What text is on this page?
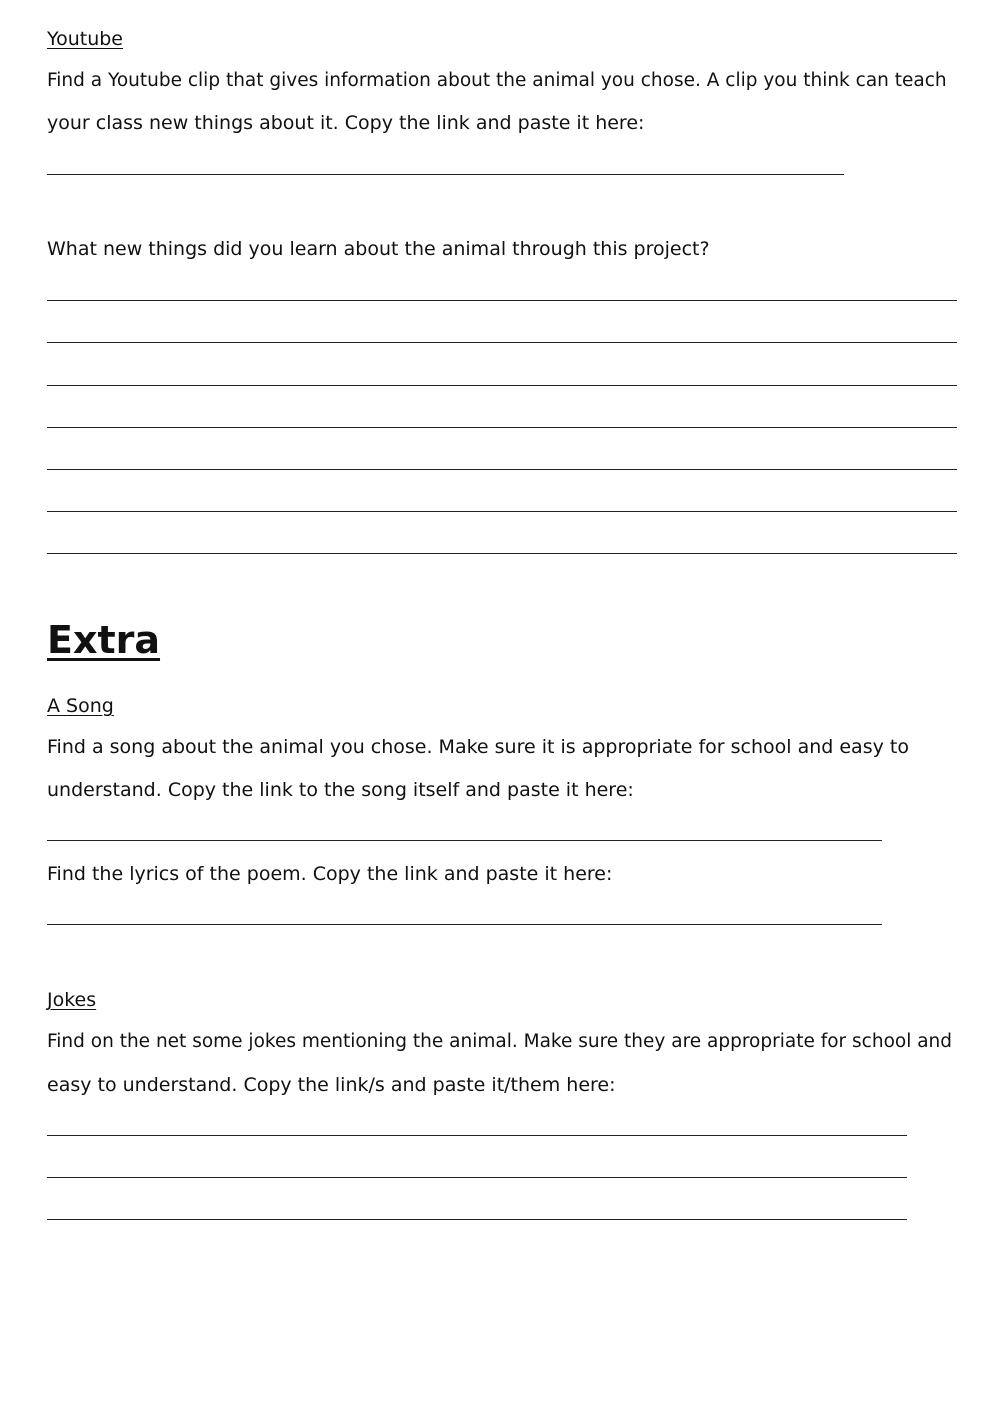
Youtube

Find a Youtube clip that gives information about the animal you chose. A clip you think can teach

your class new things about it. Copy the link and paste it here:

What new things did you learn about the animal through this project?

Extra

A Song

Find a song about the animal you chose. Make sure it is appropriate for school and easy to

understand. Copy the link to the song itself and paste it here:

Find the lyrics of the poem. Copy the link and paste it here:

Jokes

Find on the net some jokes mentioning the animal. Make sure they are appropriate for school and

easy to understand. Copy the link/s and paste it/them here:
